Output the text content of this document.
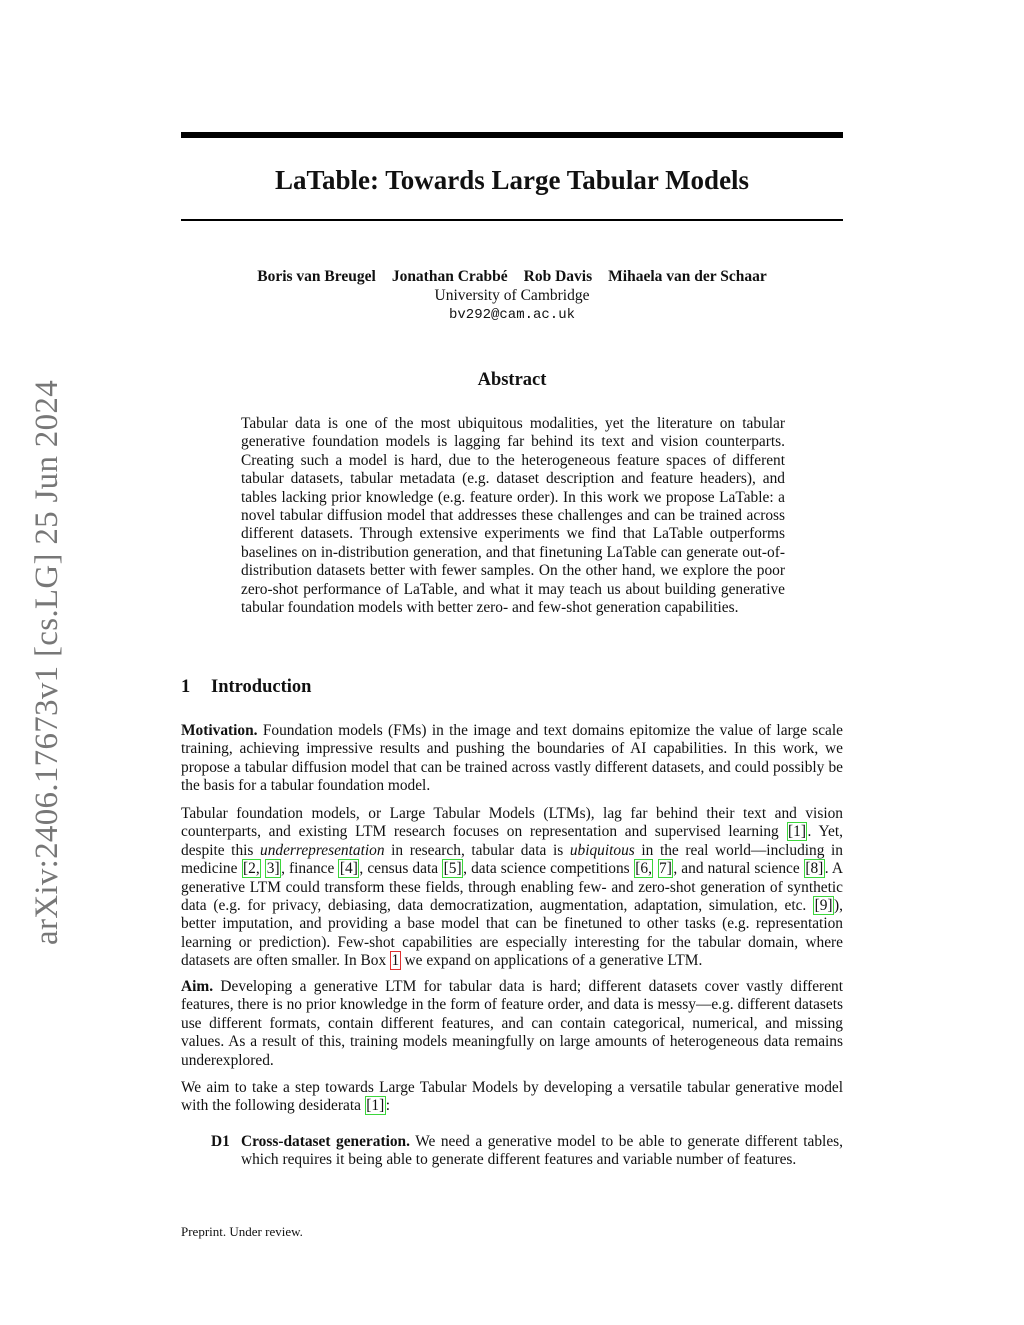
arXiv:2406.17673v1 [cs.LG] 25 Jun 2024
LaTable: Towards Large Tabular Models
Boris van Breugel Jonathan Crabbé Rob Davis Mihaela van der Schaar
University of Cambridge
bv292@cam.ac.uk
Abstract

Tabular data is one of the most ubiquitous modalities, yet the literature on tabular generative foundation models is lagging far behind its text and vision counterparts. Creating such a model is hard, due to the heterogeneous feature spaces of different tabular datasets, tabular metadata (e.g. dataset description and feature headers), and tables lacking prior knowledge (e.g. feature order). In this work we propose LaTable: a novel tabular diffusion model that addresses these challenges and can be trained across different datasets. Through extensive experiments we find that LaTable outperforms baselines on in-distribution generation, and that finetuning LaTable can generate out-of-distribution datasets better with fewer samples. On the other hand, we explore the poor zero-shot performance of LaTable, and what it may teach us about building generative tabular foundation models with better zero- and few-shot generation capabilities.

1 Introduction

Motivation. Foundation models (FMs) in the image and text domains epitomize the value of large scale training, achieving impressive results and pushing the boundaries of AI capabilities. In this work, we propose a tabular diffusion model that can be trained across vastly different datasets, and could possibly be the basis for a tabular foundation model.

Tabular foundation models, or Large Tabular Models (LTMs), lag far behind their text and vision counterparts, and existing LTM research focuses on representation and supervised learning [1]. Yet, despite this underrepresentation in research, tabular data is ubiquitous in the real world—including in medicine [2, 3], finance [4], census data [5], data science competitions [6, 7], and natural science [8]. A generative LTM could transform these fields, through enabling few- and zero-shot generation of synthetic data (e.g. for privacy, debiasing, data democratization, augmentation, adaptation, simulation, etc. [9]), better imputation, and providing a base model that can be finetuned to other tasks (e.g. representation learning or prediction). Few-shot capabilities are especially interesting for the tabular domain, where datasets are often smaller. In Box 1 we expand on applications of a generative LTM.

Aim. Developing a generative LTM for tabular data is hard; different datasets cover vastly different features, there is no prior knowledge in the form of feature order, and data is messy—e.g. different datasets use different formats, contain different features, and can contain categorical, numerical, and missing values. As a result of this, training models meaningfully on large amounts of heterogeneous data remains underexplored.

We aim to take a step towards Large Tabular Models by developing a versatile tabular generative model with the following desiderata [1]:

D1 Cross-dataset generation. We need a generative model to be able to generate different tables, which requires it being able to generate different features and variable number of features.
Preprint. Under review.
